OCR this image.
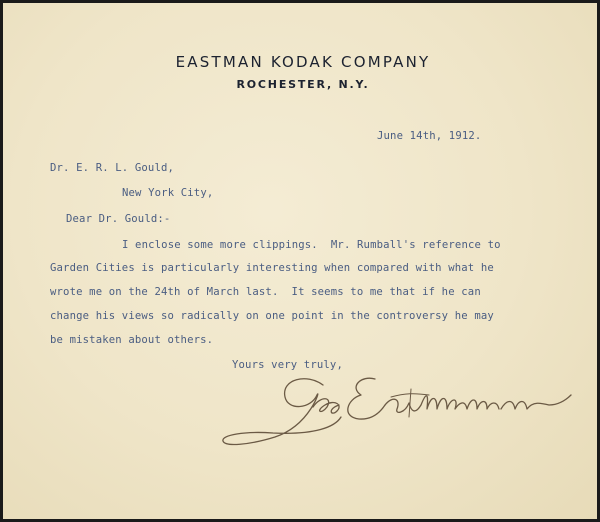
EASTMAN KODAK COMPANY
ROCHESTER, N.Y.
June 14th, 1912.
Dr. E. R. L. Gould,
New York City,
Dear Dr. Gould:-
I enclose some more clippings.  Mr. Rumball's reference to
Garden Cities is particularly interesting when compared with what he
wrote me on the 24th of March last.  It seems to me that if he can
change his views so radically on one point in the controversy he may
be mistaken about others.
Yours very truly,
